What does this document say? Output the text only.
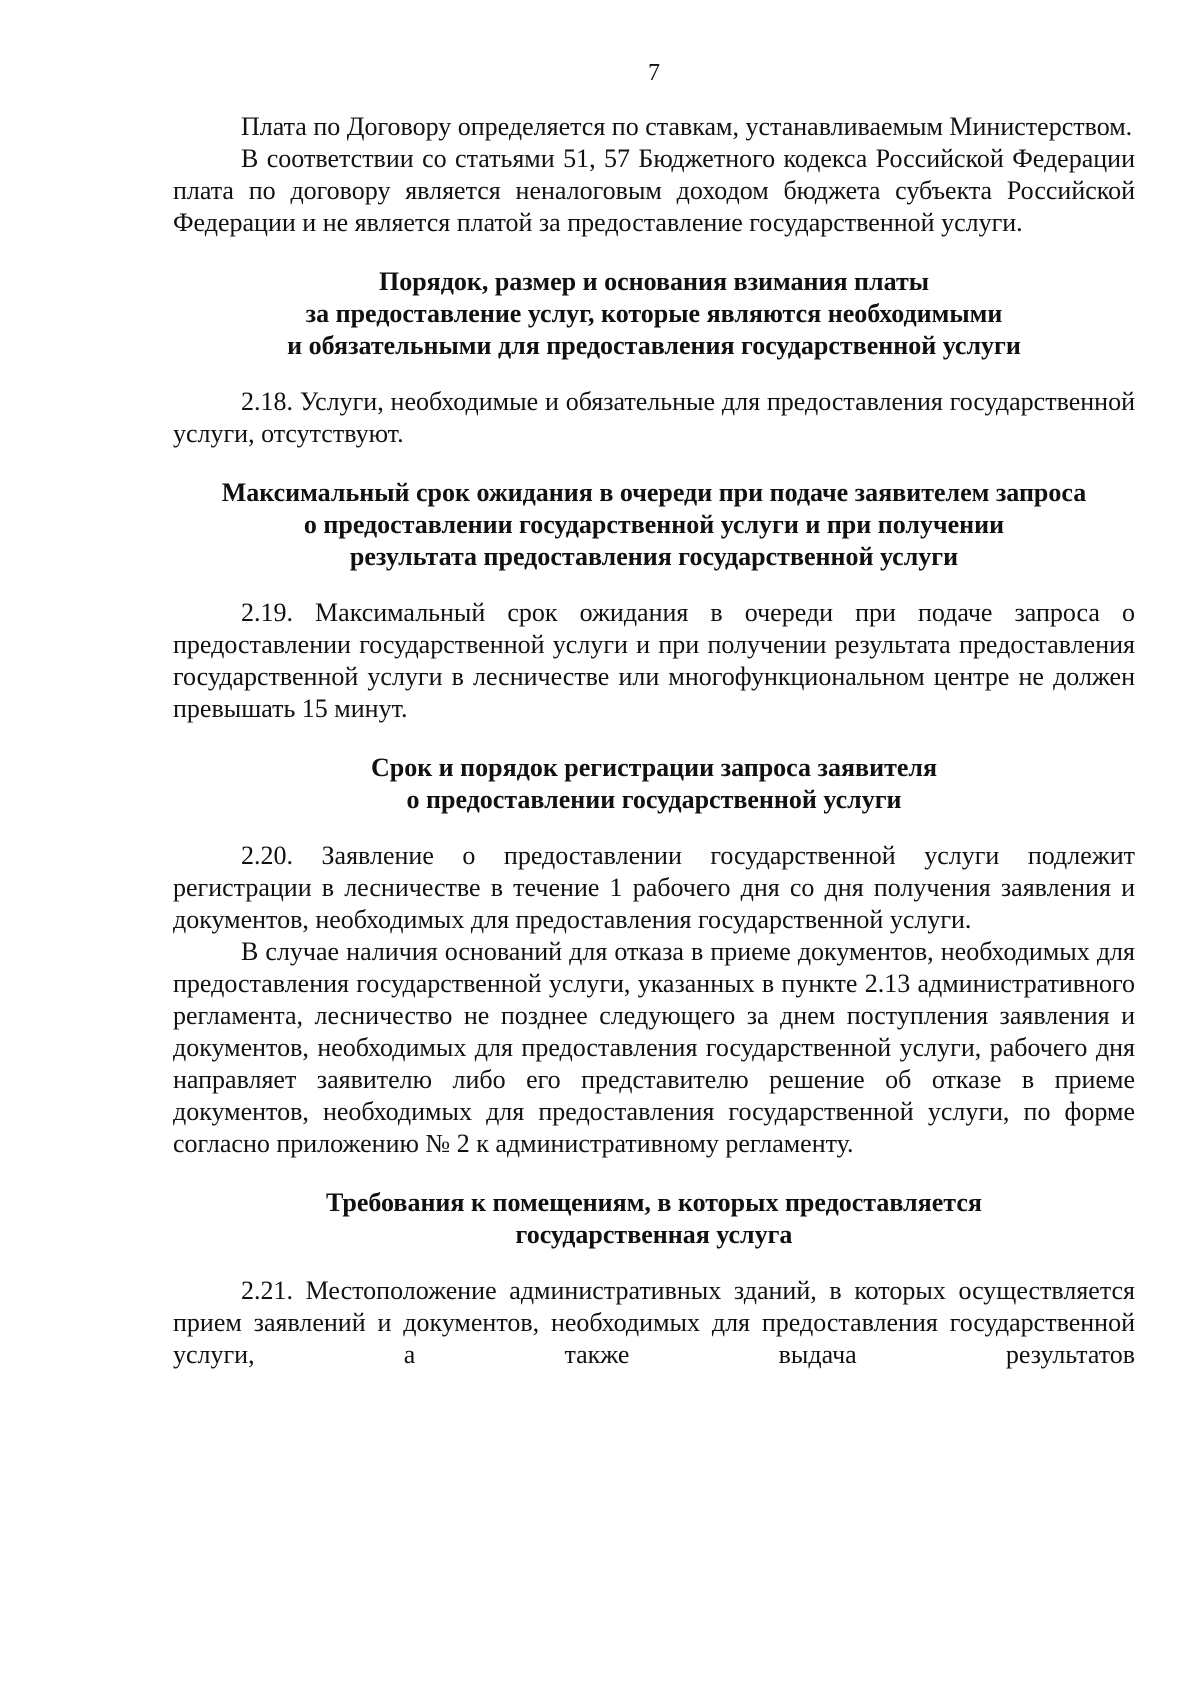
7

Плата по Договору определяется по ставкам, устанавливаемым Министерством.

В соответствии со статьями 51, 57 Бюджетного кодекса Российской Федерации плата по договору является неналоговым доходом бюджета субъекта Российской Федерации и не является платой за предоставление государственной услуги.

Порядок, размер и основания взимания платы
за предоставление услуг, которые являются необходимыми
и обязательными для предоставления государственной услуги

2.18. Услуги, необходимые и обязательные для предоставления государственной услуги, отсутствуют.

Максимальный срок ожидания в очереди при подаче заявителем запроса
о предоставлении государственной услуги и при получении
результата предоставления государственной услуги

2.19. Максимальный срок ожидания в очереди при подаче запроса о предоставлении государственной услуги и при получении результата предоставления государственной услуги в лесничестве или многофункциональном центре не должен превышать 15 минут.

Срок и порядок регистрации запроса заявителя
о предоставлении государственной услуги

2.20. Заявление о предоставлении государственной услуги подлежит регистрации в лесничестве в течение 1 рабочего дня со дня получения заявления и документов, необходимых для предоставления государственной услуги.

В случае наличия оснований для отказа в приеме документов, необходимых для предоставления государственной услуги, указанных в пункте 2.13 административного регламента, лесничество не позднее следующего за днем поступления заявления и документов, необходимых для предоставления государственной услуги, рабочего дня направляет заявителю либо его представителю решение об отказе в приеме документов, необходимых для предоставления государственной услуги, по форме согласно приложению № 2 к административному регламенту.

Требования к помещениям, в которых предоставляется
государственная услуга

2.21. Местоположение административных зданий, в которых осуществляется прием заявлений и документов, необходимых для предоставления государственной услуги, а также выдача результатов
